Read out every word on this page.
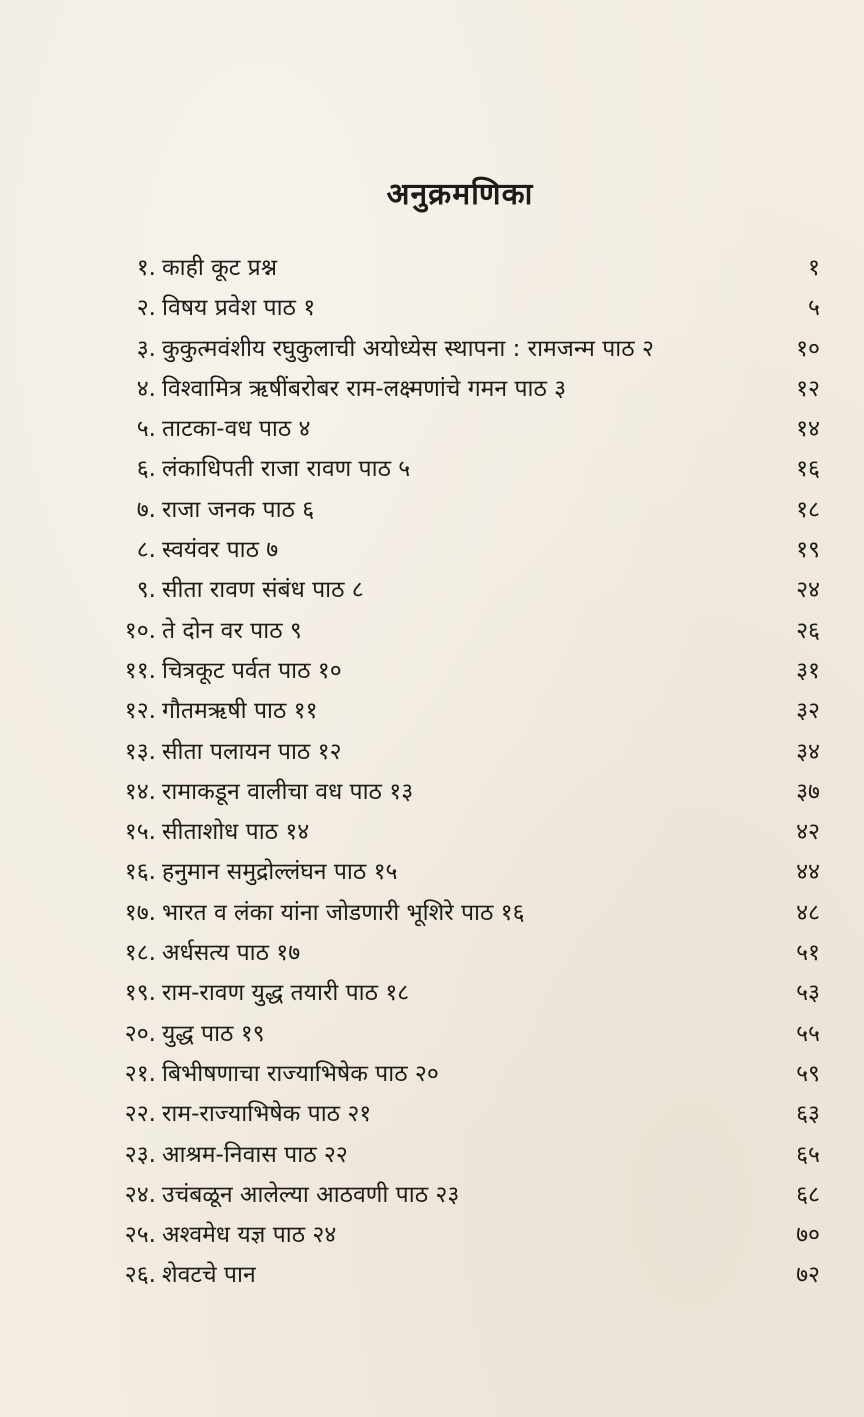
अनुक्रमणिका
१. काही कूट प्रश्न	१
२. विषय प्रवेश पाठ १	५
३. कुकुत्मवंशीय रघुकुलाची अयोध्येस स्थापना : रामजन्म पाठ २	१०
४. विश्वामित्र ऋषींबरोबर राम-लक्ष्मणांचे गमन पाठ ३	१२
५. ताटका-वध पाठ ४	१४
६. लंकाधिपती राजा रावण पाठ ५	१६
७. राजा जनक पाठ ६	१८
८. स्वयंवर पाठ ७	१९
९. सीता रावण संबंध पाठ ८	२४
१०. ते दोन वर पाठ ९	२६
११. चित्रकूट पर्वत पाठ १०	३१
१२. गौतमऋषी पाठ ११	३२
१३. सीता पलायन पाठ १२	३४
१४. रामाकडून वालीचा वध पाठ १३	३७
१५. सीताशोध पाठ १४	४२
१६. हनुमान समुद्रोल्लंघन पाठ १५	४४
१७. भारत व लंका यांना जोडणारी भूशिरे पाठ १६	४८
१८. अर्धसत्य पाठ १७	५१
१९. राम-रावण युद्ध तयारी पाठ १८	५३
२०. युद्ध पाठ १९	५५
२१. बिभीषणाचा राज्याभिषेक पाठ २०	५९
२२. राम-राज्याभिषेक पाठ २१	६३
२३. आश्रम-निवास पाठ २२	६५
२४. उचंबळून आलेल्या आठवणी पाठ २३	६८
२५. अश्वमेध यज्ञ पाठ २४	७०
२६. शेवटचे पान	७२
